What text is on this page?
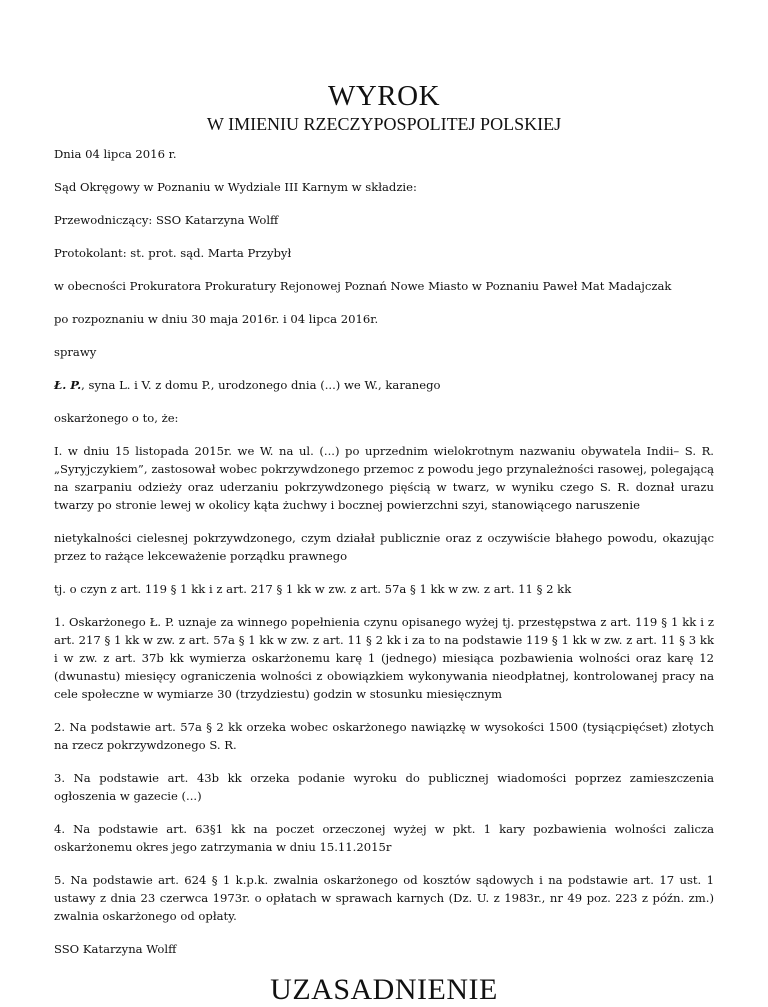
WYROK
W IMIENIU RZECZYPOSPOLITEJ POLSKIEJ

Dnia 04 lipca 2016 r.

Sąd Okręgowy w Poznaniu w Wydziale III Karnym w składzie:

Przewodniczący: SSO Katarzyna Wolff

Protokolant: st. prot. sąd. Marta Przybył

w obecności Prokuratora Prokuratury Rejonowej Poznań Nowe Miasto w Poznaniu Paweł Mat Madajczak

po rozpoznaniu w dniu 30 maja 2016r. i 04 lipca 2016r.

sprawy

Ł. P., syna L. i V. z domu P., urodzonego dnia (...) we W., karanego

oskarżonego o to, że:

I. w dniu 15 listopada 2015r. we W. na ul. (...) po uprzednim wielokrotnym nazwaniu obywatela Indii– S. R. „Syryjczykiem”, zastosował wobec pokrzywdzonego przemoc z powodu jego przynależności rasowej, polegającą na szarpaniu odzieży oraz uderzaniu pokrzywdzonego pięścią w twarz, w wyniku czego S. R. doznał urazu twarzy po stronie lewej w okolicy kąta żuchwy i bocznej powierzchni szyi, stanowiącego naruszenie

nietykalności cielesnej pokrzywdzonego, czym działał publicznie oraz z oczywiście błahego powodu, okazując przez to rażące lekceważenie porządku prawnego

tj. o czyn z art. 119 § 1 kk i z art. 217 § 1 kk w zw. z art. 57a § 1 kk w zw. z art. 11 § 2 kk

1. Oskarżonego Ł. P. uznaje za winnego popełnienia czynu opisanego wyżej tj. przestępstwa z art. 119 § 1 kk i z art. 217 § 1 kk w zw. z art. 57a § 1 kk w zw. z art. 11 § 2 kk i za to na podstawie 119 § 1 kk w zw. z art. 11 § 3 kk i w zw. z art. 37b kk wymierza oskarżonemu karę 1 (jednego) miesiąca pozbawienia wolności oraz karę 12 (dwunastu) miesięcy ograniczenia wolności z obowiązkiem wykonywania nieodpłatnej, kontrolowanej pracy na cele społeczne w wymiarze 30 (trzydziestu) godzin w stosunku miesięcznym

2. Na podstawie art. 57a § 2 kk orzeka wobec oskarżonego nawiązkę w wysokości 1500 (tysiącpięćset) złotych na rzecz pokrzywdzonego S. R.

3. Na podstawie art. 43b kk orzeka podanie wyroku do publicznej wiadomości poprzez zamieszczenia ogłoszenia w gazecie (...)

4. Na podstawie art. 63§1 kk na poczet orzeczonej wyżej w pkt. 1 kary pozbawienia wolności zalicza oskarżonemu okres jego zatrzymania w dniu 15.11.2015r

5. Na podstawie art. 624 § 1 k.p.k. zwalnia oskarżonego od kosztów sądowych i na podstawie art. 17 ust. 1 ustawy z dnia 23 czerwca 1973r. o opłatach w sprawach karnych (Dz. U. z 1983r., nr 49 poz. 223 z późn. zm.) zwalnia oskarżonego od opłaty.

SSO Katarzyna Wolff

UZASADNIENIE
